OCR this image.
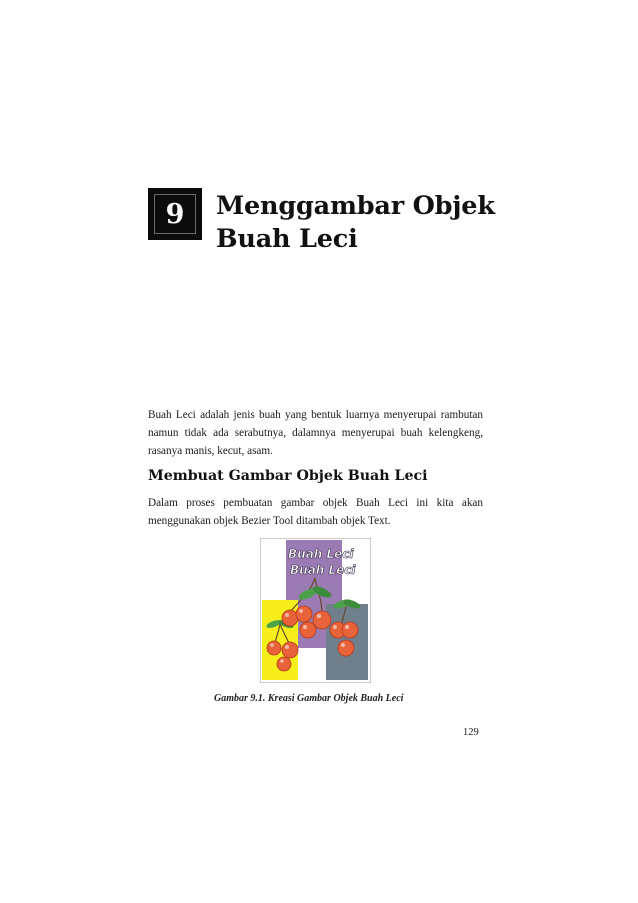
9 Menggambar Objek
Buah Leci

Buah Leci adalah jenis buah yang bentuk luarnya menyerupai rambutan namun tidak ada serabutnya, dalamnya menyerupai buah kelengkeng, rasanya manis, kecut, asam.

Membuat Gambar Objek Buah Leci

Dalam proses pembuatan gambar objek Buah Leci ini kita akan menggunakan objek Bezier Tool ditambah objek Text.

Buah Leci
Buah Leci
Gambar 9.1. Kreasi Gambar Objek Buah Leci
129
